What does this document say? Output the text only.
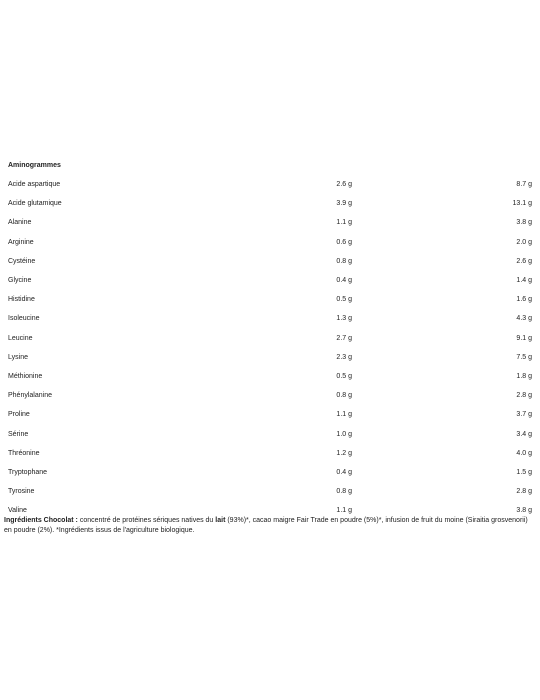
Aminogrammes
Acide aspartique	2.6 g	8.7 g
Acide glutamique	3.9 g	13.1 g
Alanine	1.1 g	3.8 g
Arginine	0.6 g	2.0 g
Cystéine	0.8 g	2.6 g
Glycine	0.4 g	1.4 g
Histidine	0.5 g	1.6 g
Isoleucine	1.3 g	4.3 g
Leucine	2.7 g	9.1 g
Lysine	2.3 g	7.5 g
Méthionine	0.5 g	1.8 g
Phénylalanine	0.8 g	2.8 g
Proline	1.1 g	3.7 g
Sérine	1.0 g	3.4 g
Thréonine	1.2 g	4.0 g
Tryptophane	0.4 g	1.5 g
Tyrosine	0.8 g	2.8 g
Valine	1.1 g	3.8 g
Ingrédients Chocolat : concentré de protéines sériques natives du lait (93%)*, cacao maigre Fair Trade en poudre (5%)*, infusion de fruit du moine (Siraitia grosvenorii) en poudre (2%). *Ingrédients issus de l'agriculture biologique.
